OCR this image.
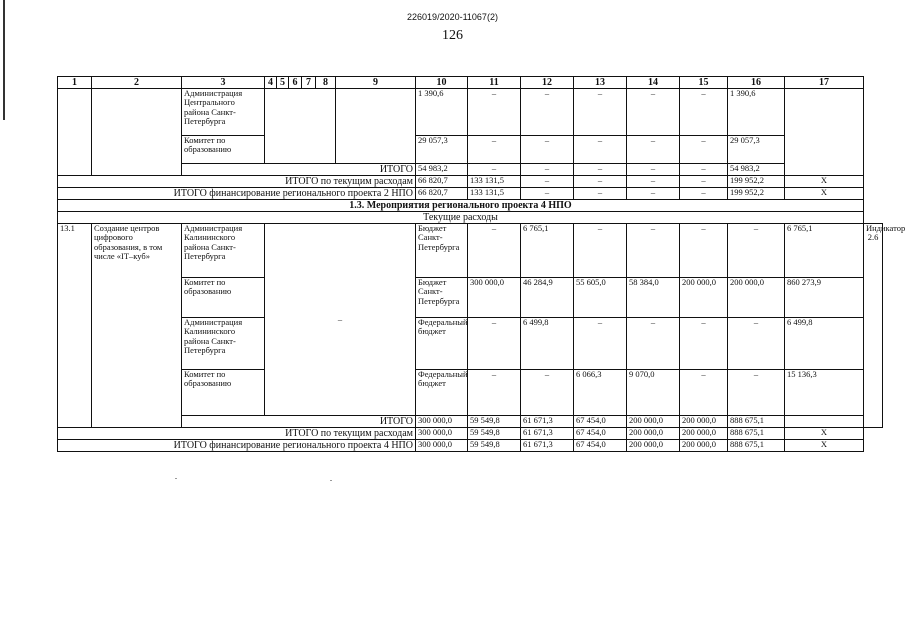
226019/2020-11067(2)
126
1	2	3	4	5	6	7	8	9	10	11	12	13	14	15	16	17	
		Администрация Центрального района Санкт-Петербурга							1 390,6	–	–	–	–	–	1 390,6		
		Комитет по образованию							29 057,3	–	–	–	–	–	29 057,3		
		ИТОГО							54 983,2	–	–	–	–	–	54 983,2		
ИТОГО по текущим расходам									66 820,7	133 131,5	–	–	–	–	199 952,2	Х	
ИТОГО финансирование регионального проекта 2 НПО									66 820,7	133 131,5	–	–	–	–	199 952,2	Х	
1.3. Мероприятия регионального проекта 4 НПО																	
Текущие расходы																	
13.1	Создание центров цифрового образования, в том числе «IT–куб»	Администрация Калининского района Санкт-Петербурга	–						Бюджет Санкт-Петербурга	–	6 765,1	–	–	–	–	6 765,1	Индикатор 2.6
		Комитет по образованию							Бюджет Санкт-Петербурга	300 000,0	46 284,9	55 605,0	58 384,0	200 000,0	200 000,0	860 273,9	
		Администрация Калининского района Санкт-Петербурга							Федеральный бюджет	–	6 499,8	–	–	–	–	6 499,8	
		Комитет по образованию							Федеральный бюджет	–	–	6 066,3	9 070,0	–	–	15 136,3	
		ИТОГО							300 000,0	59 549,8	61 671,3	67 454,0	200 000,0	200 000,0	888 675,1		
ИТОГО по текущим расходам									300 000,0	59 549,8	61 671,3	67 454,0	200 000,0	200 000,0	888 675,1	Х	
ИТОГО финансирование регионального проекта 4 НПО									300 000,0	59 549,8	61 671,3	67 454,0	200 000,0	200 000,0	888 675,1	Х	
